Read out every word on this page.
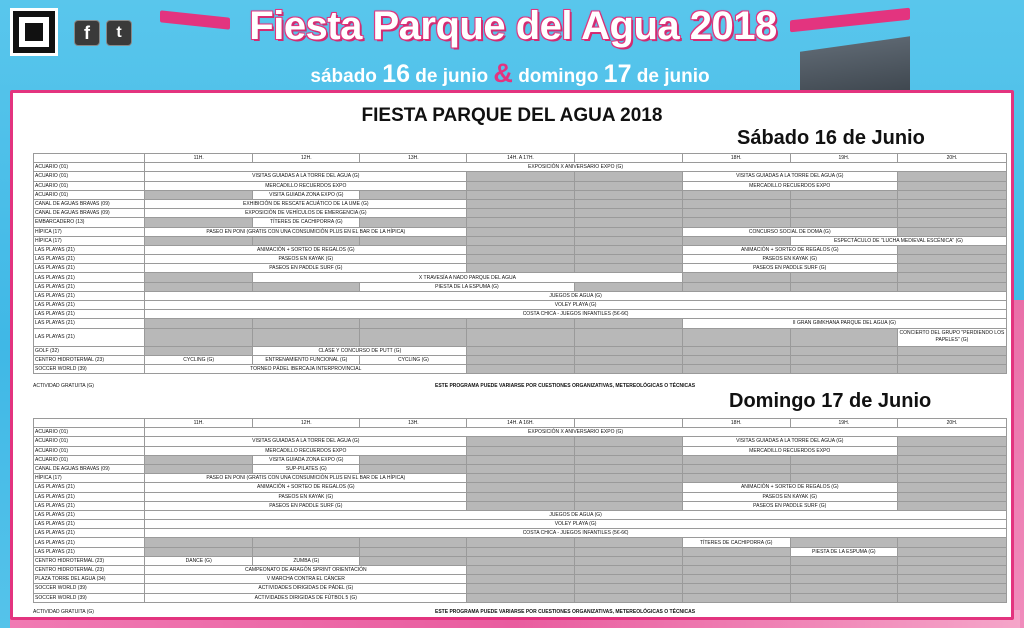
f	t	Fiesta Parque del Agua 2018
sábado 16 de junio & domingo 17 de junio
FIESTA PARQUE DEL AGUA 2018
Sábado 16 de Junio
	11H.	12H.	13H.	14H. A 17H.		18H.	19H.	20H.
ACUARIO (01)	EXPOSICIÓN X ANIVERSARIO EXPO (G)							
ACUARIO (01)	VISITAS GUIADAS A LA TORRE DEL AGUA (G)					VISITAS GUIADAS A LA TORRE DEL AGUA (G)		
ACUARIO (01)	MERCADILLO RECUERDOS EXPO					MERCADILLO RECUERDOS EXPO		
ACUARIO (01)		VISITA GUIADA ZONA EXPO (G)						
CANAL DE AGUAS BRAVAS (09)	EXHIBICIÓN DE RESCATE ACUÁTICO DE LA UME (G)							
CANAL DE AGUAS BRAVAS (09)	EXPOSICIÓN DE VEHÍCULOS DE EMERGENCIA (G)							
EMBARCADERO (13)		TÍTERES DE CACHIPORRA (G)						
HÍPICA (17)	PASEO EN PONI (GRATIS CON UNA CONSUMICIÓN PLUS EN EL BAR DE LA HÍPICA)					CONCURSO SOCIAL DE DOMA (G)		
HÍPICA (17)							ESPECTÁCULO DE "LUCHA MEDIEVAL ESCÉNICA" (G)	
LAS PLAYAS (21)	ANIMACIÓN + SORTEO DE REGALOS (G)					ANIMACIÓN + SORTEO DE REGALOS (G)		
LAS PLAYAS (21)	PASEOS EN KAYAK (G)					PASEOS EN KAYAK (G)		
LAS PLAYAS (21)	PASEOS EN PADDLE SURF (G)					PASEOS EN PADDLE SURF (G)		
LAS PLAYAS (21)		X TRAVESÍA A NADO PARQUE DEL AGUA						
LAS PLAYAS (21)			PIESTA DE LA ESPUMA (G)					
LAS PLAYAS (21)	JUEGOS DE AGUA (G)							
LAS PLAYAS (21)	VOLEY PLAYA (G)							
LAS PLAYAS (21)	COSTA CHICA - JUEGOS INFANTILES (5€-6€)							
LAS PLAYAS (21)						II GRAN GIMKHANA PARQUE DEL AGUA (G)		
LAS PLAYAS (21)								CONCIERTO DEL GRUPO "PERDIENDO LOS PAPELES" (G)
GOLF (32)		CLASE Y CONCURSO DE PUTT (G)						
CENTRO HIDROTERMAL (23)	CYCLING (G)	ENTRENAMIENTO FUNCIONAL (G)	CYCLING (G)					
SOCCER WORLD (39)	TORNEO PÁDEL IBERCAJA INTERPROVINCIAL							
ACTIVIDAD GRATUITA (G)	ESTE PROGRAMA PUEDE VARIARSE POR CUESTIONES ORGANIZATIVAS, METEREOLÓGICAS O TÉCNICAS
Domingo 17 de Junio
	11H.	12H.	13H.	14H. A 16H.		18H.	19H.	20H.
ACUARIO (01)	EXPOSICIÓN X ANIVERSARIO EXPO (G)							
ACUARIO (01)	VISITAS GUIADAS A LA TORRE DEL AGUA (G)					VISITAS GUIADAS A LA TORRE DEL AGUA (G)		
ACUARIO (01)	MERCADILLO RECUERDOS EXPO					MERCADILLO RECUERDOS EXPO		
ACUARIO (01)		VISITA GUIADA ZONA EXPO (G)						
CANAL DE AGUAS BRAVAS (09)		SUP-PILATES (G)						
HÍPICA (17)	PASEO EN PONI (GRATIS CON UNA CONSUMICIÓN PLUS EN EL BAR DE LA HÍPICA)							
LAS PLAYAS (21)	ANIMACIÓN + SORTEO DE REGALOS (G)					ANIMACIÓN + SORTEO DE REGALOS (G)		
LAS PLAYAS (21)	PASEOS EN KAYAK (G)					PASEOS EN KAYAK (G)		
LAS PLAYAS (21)	PASEOS EN PADDLE SURF (G)					PASEOS EN PADDLE SURF (G)		
LAS PLAYAS (21)	JUEGOS DE AGUA (G)							
LAS PLAYAS (21)	VOLEY PLAYA (G)							
LAS PLAYAS (21)	COSTA CHICA - JUEGOS INFANTILES (5€-6€)							
LAS PLAYAS (21)						TÍTERES DE CACHIPORRA (G)		
LAS PLAYAS (21)							PIESTA DE LA ESPUMA (G)	
CENTRO HIDROTERMAL (23)	DANCE (G)	ZUMBA (G)						
CENTRO HIDROTERMAL (23)	CAMPEONATO DE ARAGÓN SPRINT ORIENTACIÓN							
PLAZA TORRE DEL AGUA (34)	V MARCHA CONTRA EL CÁNCER							
SOCCER WORLD (39)	ACTIVIDADES DIRIGIDAS DE PÁDEL (G)							
SOCCER WORLD (39)	ACTIVIDADES DIRIGIDAS DE FÚTBOL 5 (G)							
ACTIVIDAD GRATUITA (G)	ESTE PROGRAMA PUEDE VARIARSE POR CUESTIONES ORGANIZATIVAS, METEREOLÓGICAS O TÉCNICAS
